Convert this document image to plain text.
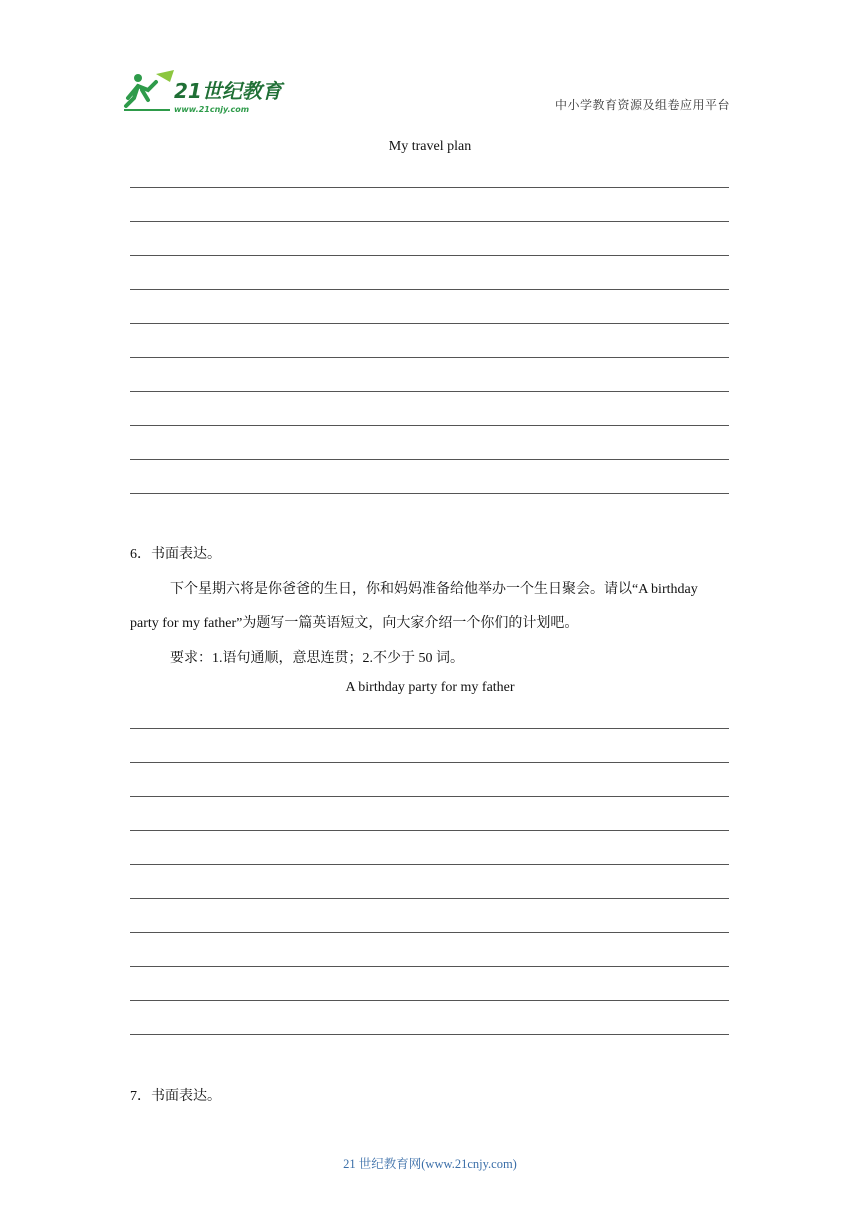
21世纪教育
www.21cnjy.com	中小学教育资源及组卷应用平台
My travel plan
6．书面表达。
下个星期六将是你爸爸的生日，你和妈妈准备给他举办一个生日聚会。请以“A birthday
party for my father”为题写一篇英语短文，向大家介绍一个你们的计划吧。
要求：1.语句通顺，意思连贯；2.不少于 50 词。
A birthday party for my father
7．书面表达。
21 世纪教育网(www.21cnjy.com)
